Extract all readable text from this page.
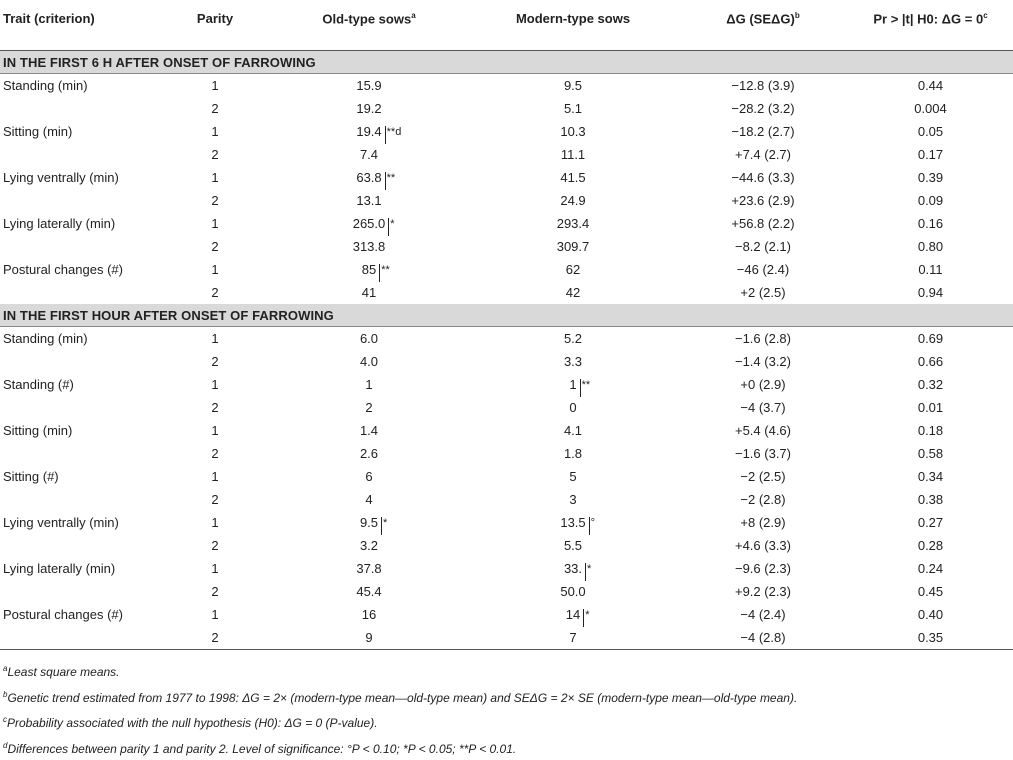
Trait (criterion)	Parity	Old-type sows$^a$	Modern-type sows	ΔG $(SE\Delta G)^b$	Pr > |t| H0: $\Delta G = 0^c$
IN THE FIRST 6 H AFTER ONSET OF FARROWING					
Standing (min)	1	15.9	9.5	−12.8 (3.9)	0.44
	2	19.2	5.1	−28.2 (3.2)	0.004
Sitting (min)	1	19.4 **d	10.3	−18.2 (2.7)	0.05
	2	7.4	11.1	+7.4 (2.7)	0.17
Lying ventrally (min)	1	63.8 **	41.5	−44.6 (3.3)	0.39
	2	13.1	24.9	+23.6 (2.9)	0.09
Lying laterally (min)	1	265.0 *	293.4	+56.8 (2.2)	0.16
	2	313.8	309.7	−8.2 (2.1)	0.80
Postural changes (#)	1	85 **	62	−46 (2.4)	0.11
	2	41	42	+2 (2.5)	0.94
IN THE FIRST HOUR AFTER ONSET OF FARROWING					
Standing (min)	1	6.0	5.2	−1.6 (2.8)	0.69
	2	4.0	3.3	−1.4 (3.2)	0.66
Standing (#)	1	1	1 **	+0 (2.9)	0.32
	2	2	0	−4 (3.7)	0.01
Sitting (min)	1	1.4	4.1	+5.4 (4.6)	0.18
	2	2.6	1.8	−1.6 (3.7)	0.58
Sitting (#)	1	6	5	−2 (2.5)	0.34
	2	4	3	−2 (2.8)	0.38
Lying ventrally (min)	1	9.5 *	13.5 °	+8 (2.9)	0.27
	2	3.2	5.5	+4.6 (3.3)	0.28
Lying laterally (min)	1	37.8	33. *	−9.6 (2.3)	0.24
	2	45.4	50.0	+9.2 (2.3)	0.45
Postural changes (#)	1	16	14 *	−4 (2.4)	0.40
	2	9	7	−4 (2.8)	0.35
$^a$Least square means.
$^b$Genetic trend estimated from 1977 to 1998: ΔG = 2× (modern-type mean—old-type mean) and SEΔG = 2× SE (modern-type mean—old-type mean).
$^c$Probability associated with the null hypothesis (H0): ΔG = 0 (P-value).
$^d$Differences between parity 1 and parity 2. Level of significance: °P < 0.10; *P < 0.05; **P < 0.01.
